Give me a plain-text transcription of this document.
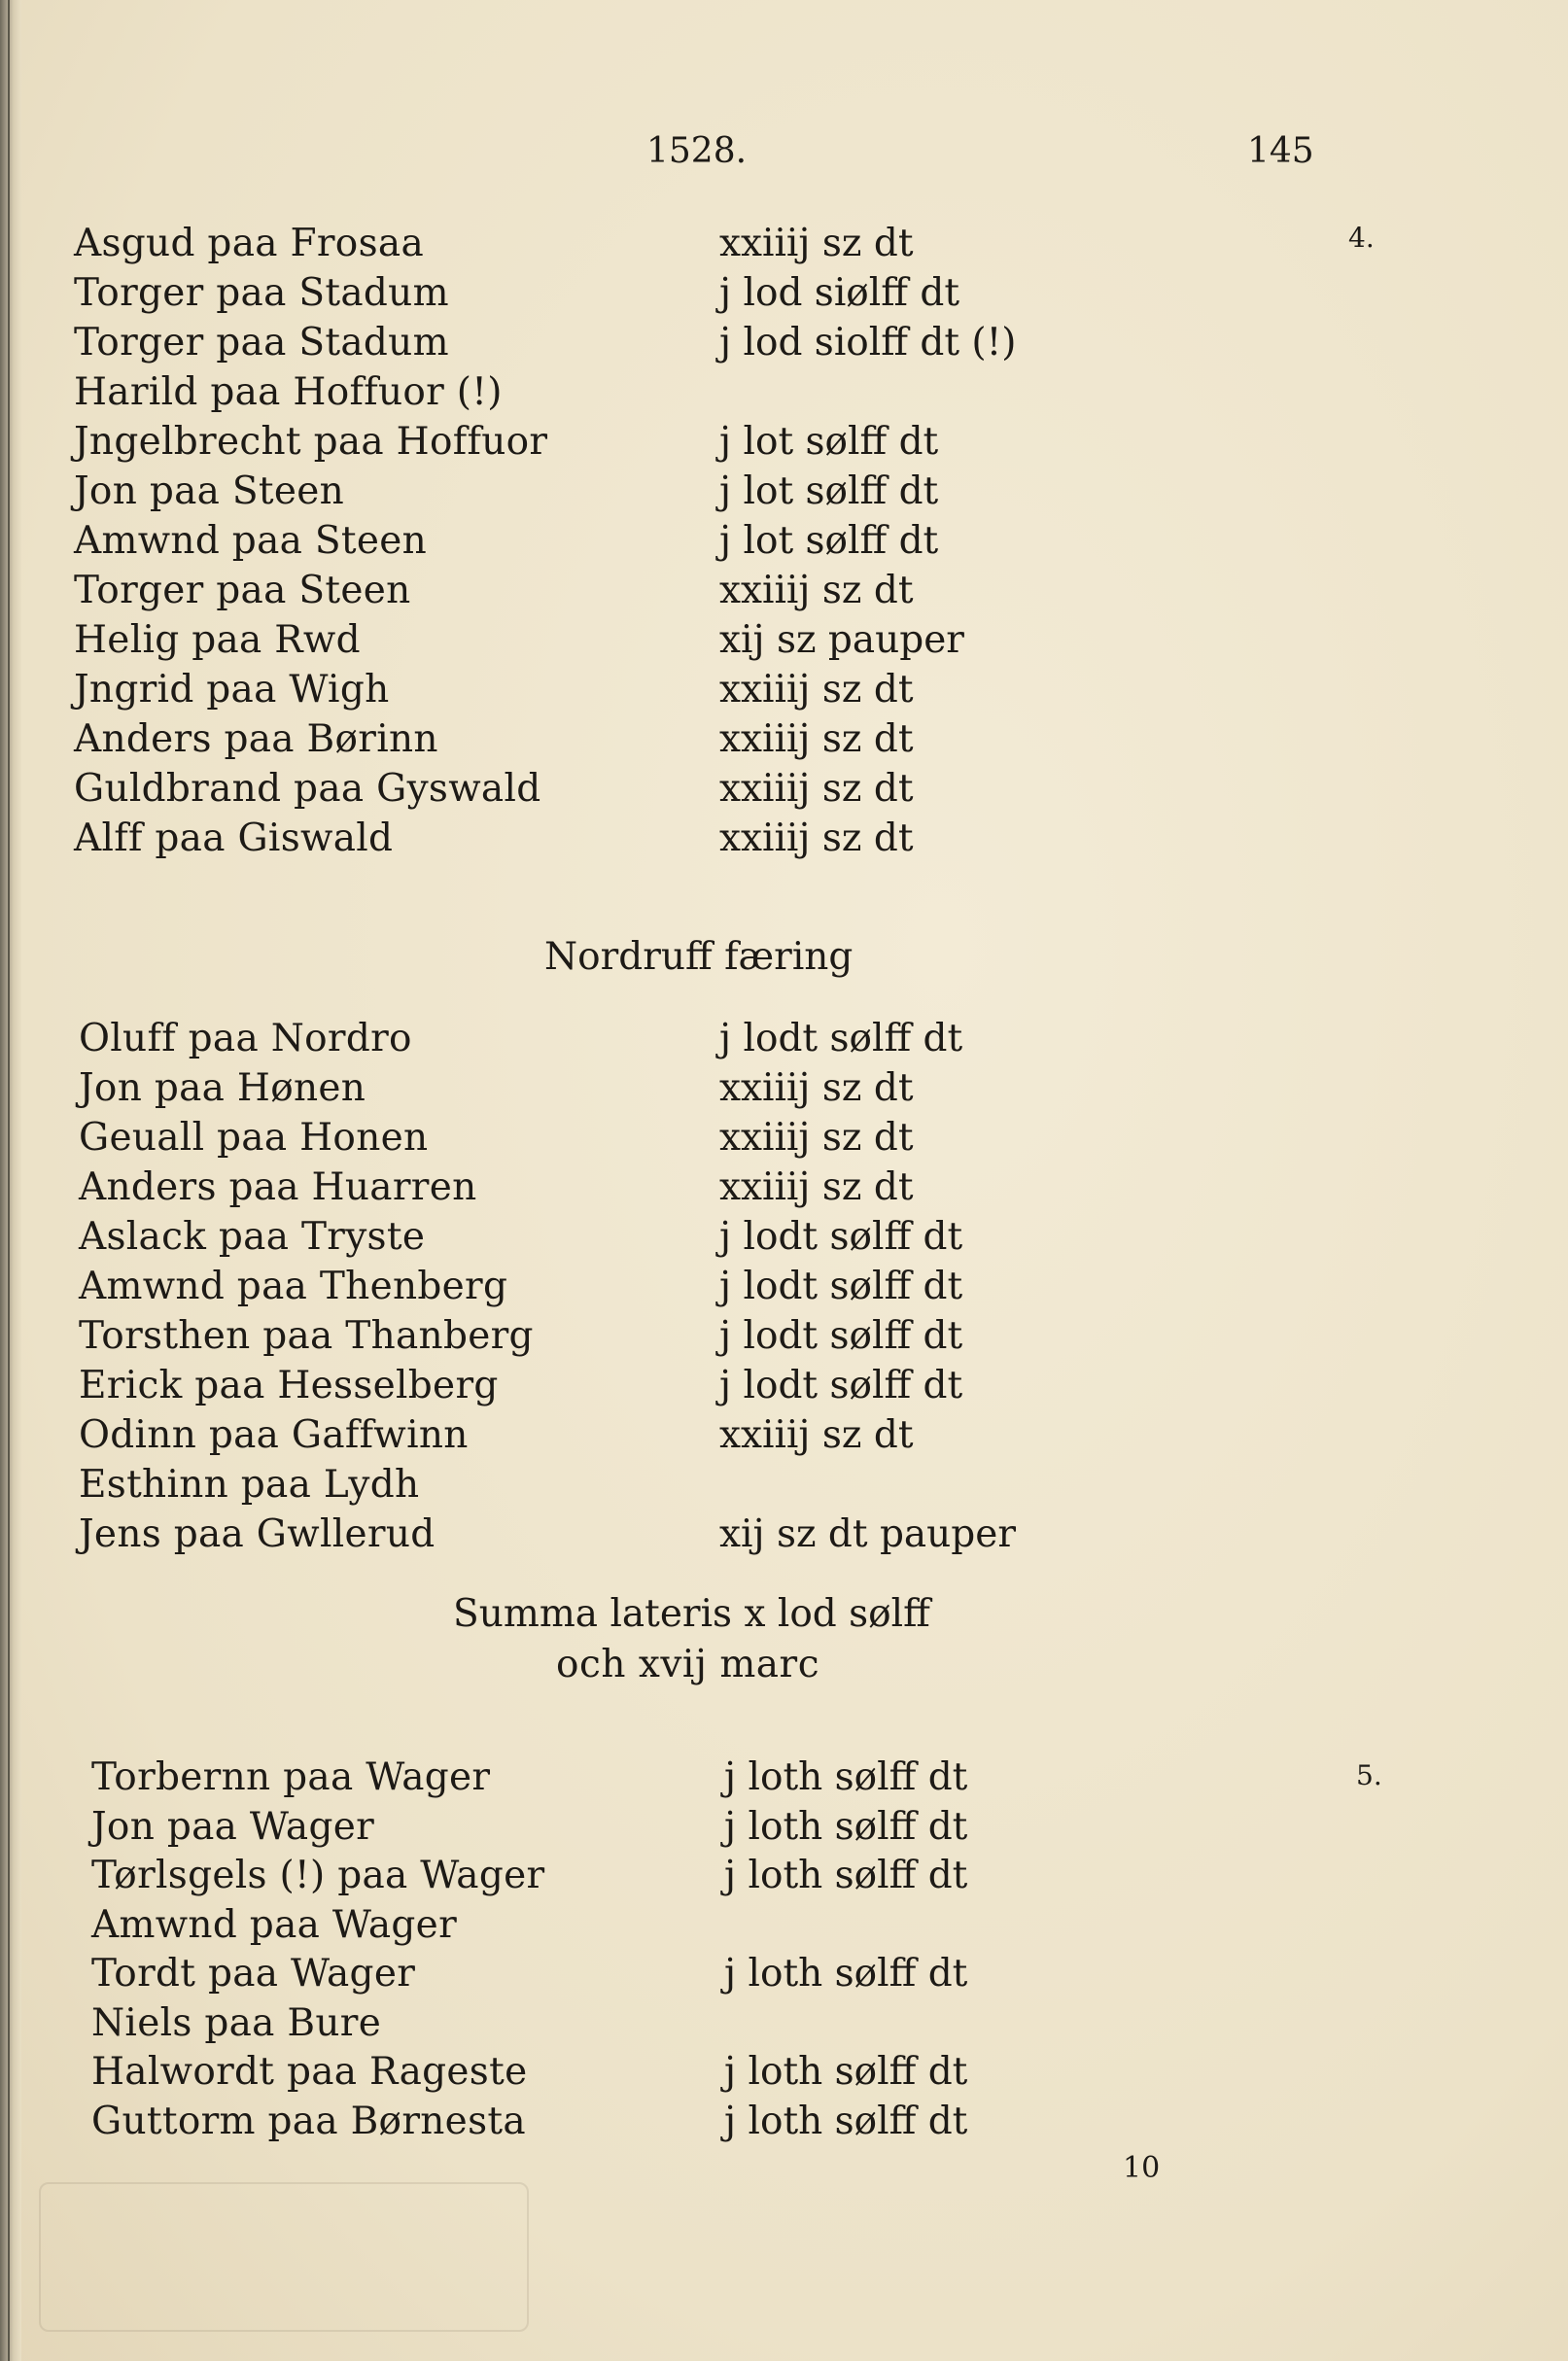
1528.	145
4.
5.
Asgud paa Frosaa	xxiiij sz dt
Torger paa Stadum	j lod siølff dt
Torger paa Stadum	j lod siolff dt (!)
Harild paa Hoffuor (!)
Jngelbrecht paa Hoffuor	j lot sølff dt
Jon paa Steen	j lot sølff dt
Amwnd paa Steen	j lot sølff dt
Torger paa Steen	xxiiij sz dt
Helig paa Rwd	xij sz pauper
Jngrid paa Wigh	xxiiij sz dt
Anders paa Børinn	xxiiij sz dt
Guldbrand paa Gyswald	xxiiij sz dt
Alff paa Giswald	xxiiij sz dt
Nordruff færing
Oluff paa Nordro	j lodt sølff dt
Jon paa Hønen	xxiiij sz dt
Geuall paa Honen	xxiiij sz dt
Anders paa Huarren	xxiiij sz dt
Aslack paa Tryste	j lodt sølff dt
Amwnd paa Thenberg	j lodt sølff dt
Torsthen paa Thanberg	j lodt sølff dt
Erick paa Hesselberg	j lodt sølff dt
Odinn paa Gaffwinn	xxiiij sz dt
Esthinn paa Lydh
Jens paa Gwllerud	xij sz dt pauper
Summa lateris x lod sølff
och xvij marc
Torbernn paa Wager	j loth sølff dt
Jon paa Wager	j loth sølff dt
Tørlsgels (!) paa Wager	j loth sølff dt
Amwnd paa Wager
Tordt paa Wager	j loth sølff dt
Niels paa Bure
Halwordt paa Rageste	j loth sølff dt
Guttorm paa Børnesta	j loth sølff dt
10
